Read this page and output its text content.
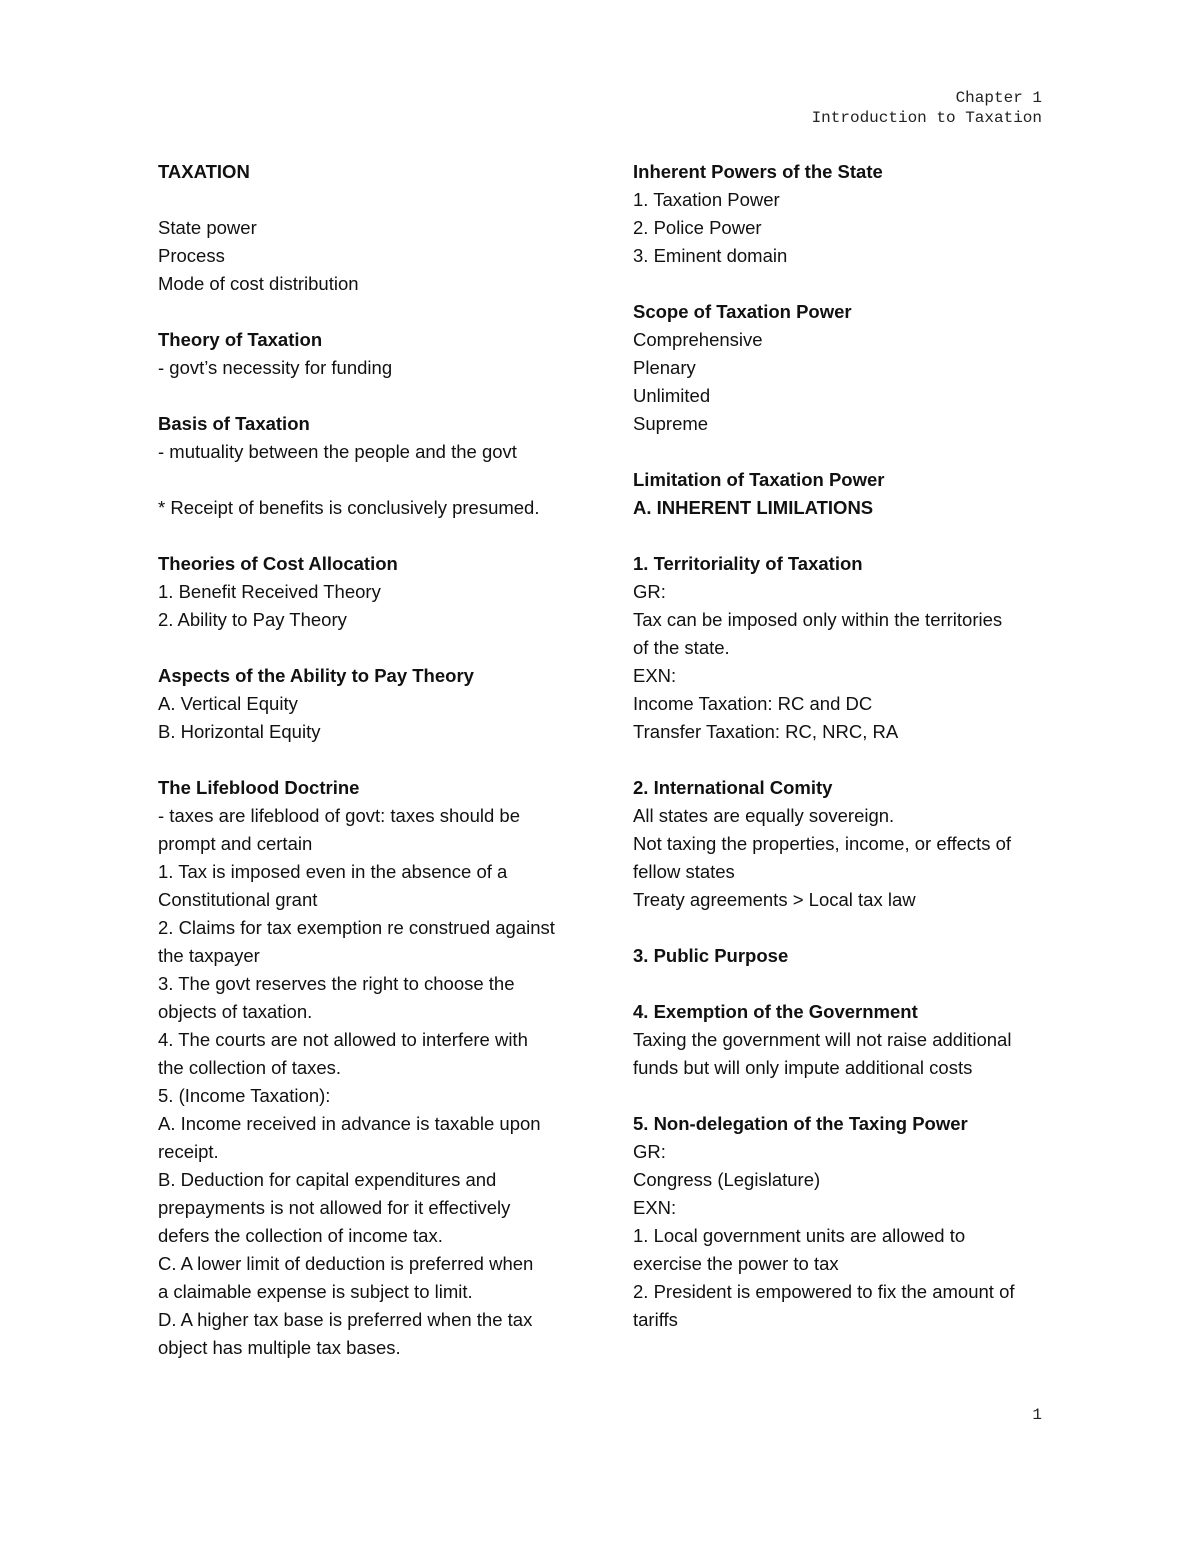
Chapter 1
Introduction to Taxation
TAXATION
State power
Process
Mode of cost distribution
Theory of Taxation
- govt’s necessity for funding
Basis of Taxation
- mutuality between the people and the govt
* Receipt of benefits is conclusively presumed.
Theories of Cost Allocation
1. Benefit Received Theory
2. Ability to Pay Theory
Aspects of the Ability to Pay Theory
A. Vertical Equity
B. Horizontal Equity
The Lifeblood Doctrine
- taxes are lifeblood of govt: taxes should be
prompt and certain
1. Tax is imposed even in the absence of a
Constitutional grant
2. Claims for tax exemption re construed against
the taxpayer
3. The govt reserves the right to choose the
objects of taxation.
4. The courts are not allowed to interfere with
the collection of taxes.
5. (Income Taxation):
A. Income received in advance is taxable upon
receipt.
B. Deduction for capital expenditures and
prepayments is not allowed for it effectively
defers the collection of income tax.
C. A lower limit of deduction is preferred when
a claimable expense is subject to limit.
D. A higher tax base is preferred when the tax
object has multiple tax bases.
Inherent Powers of the State
1. Taxation Power
2. Police Power
3. Eminent domain
Scope of Taxation Power
Comprehensive
Plenary
Unlimited
Supreme
Limitation of Taxation Power
A. INHERENT LIMILATIONS
1. Territoriality of Taxation
GR:
Tax can be imposed only within the territories
of the state.
EXN:
Income Taxation: RC and DC
Transfer Taxation: RC, NRC, RA
2. International Comity
All states are equally sovereign.
Not taxing the properties, income, or effects of
fellow states
Treaty agreements > Local tax law
3. Public Purpose
4. Exemption of the Government
Taxing the government will not raise additional
funds but will only impute additional costs
5. Non-delegation of the Taxing Power
GR:
Congress (Legislature)
EXN:
1. Local government units are allowed to
exercise the power to tax
2. President is empowered to fix the amount of
tariffs
1
